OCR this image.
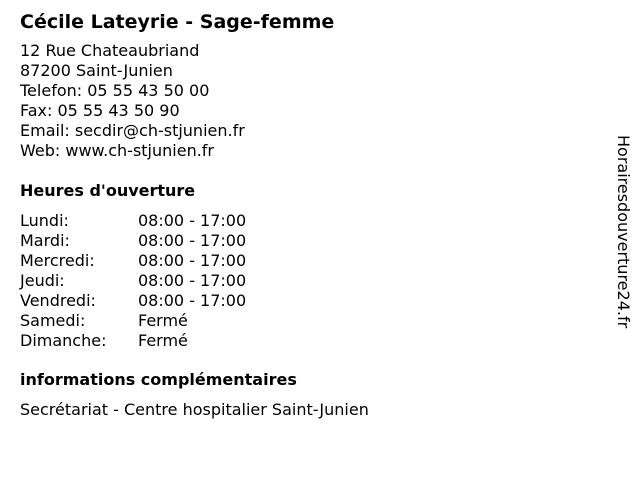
Cécile Lateyrie - Sage-femme
12 Rue Chateaubriand
87200 Saint-Junien
Telefon: 05 55 43 50 00
Fax: 05 55 43 50 90
Email: secdir@ch-stjunien.fr
Web: www.ch-stjunien.fr
Heures d'ouverture
Lundi:	08:00 - 17:00
Mardi:	08:00 - 17:00
Mercredi:	08:00 - 17:00
Jeudi:	08:00 - 17:00
Vendredi:	08:00 - 17:00
Samedi:	Fermé
Dimanche:	Fermé
informations complémentaires
Secrétariat - Centre hospitalier Saint-Junien
Horairesdouverture24.fr
